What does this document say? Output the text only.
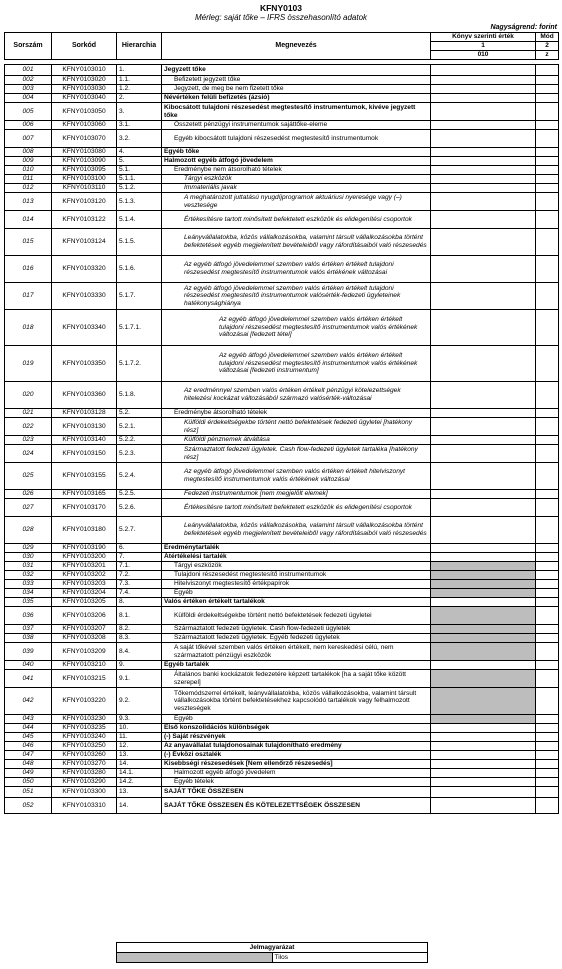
KFNY0103
Mérleg: saját tőke – IFRS összehasonlító adatok
Nagyságrend: forint
Sorszám	Sorkód	Hierarchia	Megnevezés	Könyv szerinti érték	Mód
				1	2
				010	z

001	KFNY0103010	1.	Jegyzett tőke		
002	KFNY0103020	1.1.	Befizetett jegyzett tőke		
003	KFNY0103030	1.2.	Jegyzett, de meg be nem fizetett tőke		
004	KFNY0103040	2.	Névértéken felüli befizetés (ázsió)		
005	KFNY0103050	3.	Kibocsátott tulajdoni részesedést megtestesítő instrumentumok, kivéve jegyzett tőke		
006	KFNY0103060	3.1.	Összetett pénzügyi instrumentumok sajáttőke-eleme		
007	KFNY0103070	3.2.	Egyéb kibocsátott tulajdoni részesedést megtestesítő instrumentumok		
008	KFNY0103080	4.	Egyéb tőke		
009	KFNY0103090	5.	Halmozott egyéb átfogó jövedelem		
010	KFNY0103095	5.1.	Eredménybe nem átsorolható tételek		
011	KFNY0103100	5.1.1.	Tárgyi eszközök		
012	KFNY0103110	5.1.2.	Immateriális javak		
013	KFNY0103120	5.1.3.	A meghatározott juttatású nyugdíjprogramok aktuáriusi nyeresége vagy (–) vesztesége		
014	KFNY0103122	5.1.4.	Értékesítésre tartott minősített befektetett eszközök és elidegenítési csoportok		
015	KFNY0103124	5.1.5.	Leányvállalatokba, közös vállalkozásokba, valamint társult vállalkozásokba történt befektetések egyéb megjelenített bevételeiből vagy ráfordításaiból való részesedés		
016	KFNY0103320	5.1.6.	Az egyéb átfogó jövedelemmel szemben valós értéken értékelt tulajdoni részesedést megtestesítő instrumentumok valós értékének változásai		
017	KFNY0103330	5.1.7.	Az egyéb átfogó jövedelemmel szemben valós értéken értékelt tulajdoni részesedést megtestesítő instrumentumok valósérték-fedezeti ügyleteinek hatékonysághiánya		
018	KFNY0103340	5.1.7.1.	Az egyéb átfogó jövedelemmel szemben valós értéken értékelt tulajdoni részesedést megtestesítő instrumentumok valós értékének változásai [fedezett tétel]		
019	KFNY0103350	5.1.7.2.	Az egyéb átfogó jövedelemmel szemben valós értéken értékelt tulajdoni részesedést megtestesítő instrumentumok valós értékének változásai [fedezeti instrumentum]		
020	KFNY0103360	5.1.8.	Az eredménnyel szemben valós értéken értékelt pénzügyi kötelezettségek hitelezési kockázat változásából származó valósérték-változásai		
021	KFNY0103128	5.2.	Eredménybe átsorolható tételek		
022	KFNY0103130	5.2.1.	Külföldi érdekeltségekbe történt nettó befektetések fedezeti ügyletei [hatékony rész]		
023	KFNY0103140	5.2.2.	Külföldi pénznemek átváltása		
024	KFNY0103150	5.2.3.	Származtatott fedezeti ügyletek. Cash flow-fedezeti ügyletek tartaléka [hatékony rész]		
025	KFNY0103155	5.2.4.	Az egyéb átfogó jövedelemmel szemben valós értéken értékelt hitelviszonyt megtestesítő instrumentumok valós értékének változásai		
026	KFNY0103165	5.2.5.	Fedezeti instrumentumok [nem megjelölt elemek]		
027	KFNY0103170	5.2.6.	Értékesítésre tartott minősített befektetett eszközök és elidegenítési csoportok		
028	KFNY0103180	5.2.7.	Leányvállalatokba, közös vállalkozásokba, valamint társult vállalkozásokba történt befektetések egyéb megjelenített bevételeiből vagy ráfordításaiból való részesedés		
029	KFNY0103190	6.	Eredménytartalék		
030	KFNY0103200	7.	Átértékelési tartalék		
031	KFNY0103201	7.1.	Tárgyi eszközök		
032	KFNY0103202	7.2.	Tulajdoni részesedést megtestesítő instrumentumok		
033	KFNY0103203	7.3.	Hitelviszonyt megtestesítő értékpapírok		
034	KFNY0103204	7.4.	Egyéb		
035	KFNY0103205	8.	Valós értéken értékelt tartalékok		
036	KFNY0103206	8.1.	Külföldi érdekeltségekbe történt nettó befektetések fedezeti ügyletei		
037	KFNY0103207	8.2.	Származtatott fedezeti ügyletek. Cash flow-fedezeti ügyletek		
038	KFNY0103208	8.3.	Származtatott fedezeti ügyletek. Egyéb fedezeti ügyletek		
039	KFNY0103209	8.4.	A saját tőkével szemben valós értéken értékelt, nem kereskedési célú, nem származtatott pénzügyi eszközök		
040	KFNY0103210	9.	Egyéb tartalék		
041	KFNY0103215	9.1.	Általános banki kockázatok fedezetére képzett tartalékok [ha a saját tőke között szerepel]		
042	KFNY0103220	9.2.	Tőkemódszerrel értékelt, leányvállalatokba, közös vállalkozásokba, valamint társult vállalkozásokba történt befektetésekhez kapcsolódó tartalékok vagy felhalmozott veszteségek		
043	KFNY0103230	9.3.	Egyéb		
044	KFNY0103235	10.	Első konszolidációs különbségek		
045	KFNY0103240	11.	(-) Saját részvények		
046	KFNY0103250	12.	Az anyavállalat tulajdonosainak tulajdonítható eredmény		
047	KFNY0103260	13.	(-) Évközi osztalék		
048	KFNY0103270	14.	Kisebbségi részesedések [Nem ellenőrző részesedés]		
049	KFNY0103280	14.1.	Halmozott egyéb átfogó jövedelem		
050	KFNY0103290	14.2.	Egyéb tételek		
051	KFNY0103300	13.	SAJÁT TŐKE ÖSSZESEN		
052	KFNY0103310	14.	SAJÁT TŐKE ÖSSZESEN ÉS KÖTELEZETTSÉGEK ÖSSZESEN		
Jelmagyarázat
	Tilos
